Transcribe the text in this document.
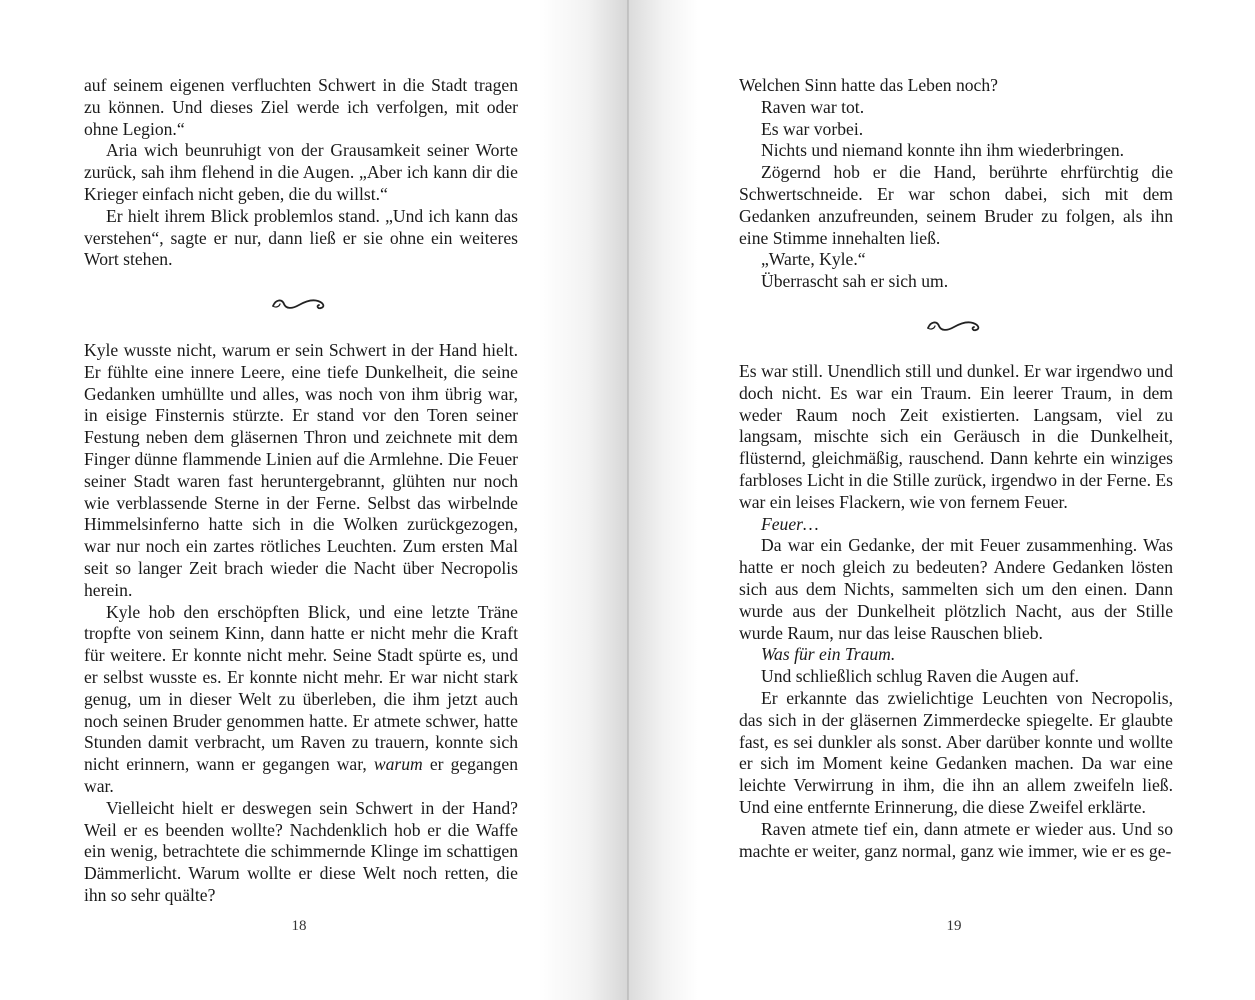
auf seinem eigenen verfluchten Schwert in die Stadt tragen zu können. Und dieses Ziel werde ich verfolgen, mit oder ohne Legion.“

Aria wich beunruhigt von der Grausamkeit seiner Worte zurück, sah ihm flehend in die Augen. „Aber ich kann dir die Krieger einfach nicht geben, die du willst.“

Er hielt ihrem Blick problemlos stand. „Und ich kann das verstehen“, sagte er nur, dann ließ er sie ohne ein weiteres Wort stehen.

Kyle wusste nicht, warum er sein Schwert in der Hand hielt. Er fühlte eine innere Leere, eine tiefe Dunkelheit, die seine Gedanken umhüllte und alles, was noch von ihm übrig war, in eisige Finsternis stürzte. Er stand vor den Toren seiner Festung neben dem gläsernen Thron und zeichnete mit dem Finger dünne flammende Linien auf die Armlehne. Die Feuer seiner Stadt waren fast heruntergebrannt, glühten nur noch wie verblassende Sterne in der Ferne. Selbst das wirbelnde Himmelsinferno hatte sich in die Wolken zurückgezogen, war nur noch ein zartes rötliches Leuchten. Zum ersten Mal seit so langer Zeit brach wieder die Nacht über Necropolis herein.

Kyle hob den erschöpften Blick, und eine letzte Träne tropfte von seinem Kinn, dann hatte er nicht mehr die Kraft für weitere. Er konnte nicht mehr. Seine Stadt spürte es, und er selbst wusste es. Er konnte nicht mehr. Er war nicht stark genug, um in dieser Welt zu überleben, die ihm jetzt auch noch seinen Bruder genommen hatte. Er atmete schwer, hatte Stunden damit verbracht, um Raven zu trauern, konnte sich nicht erinnern, wann er gegangen war, warum er gegangen war.

Vielleicht hielt er deswegen sein Schwert in der Hand? Weil er es beenden wollte? Nachdenklich hob er die Waffe ein wenig, betrachtete die schimmernde Klinge im schattigen Dämmerlicht. Warum wollte er diese Welt noch retten, die ihn so sehr quälte?

18

Welchen Sinn hatte das Leben noch?

Raven war tot.

Es war vorbei.

Nichts und niemand konnte ihn ihm wiederbringen.

Zögernd hob er die Hand, berührte ehrfürchtig die Schwertschneide. Er war schon dabei, sich mit dem Gedanken anzufreunden, seinem Bruder zu folgen, als ihn eine Stimme innehalten ließ.

„Warte, Kyle.“

Überrascht sah er sich um.

Es war still. Unendlich still und dunkel. Er war irgendwo und doch nicht. Es war ein Traum. Ein leerer Traum, in dem weder Raum noch Zeit existierten. Langsam, viel zu langsam, mischte sich ein Geräusch in die Dunkelheit, flüsternd, gleichmäßig, rauschend. Dann kehrte ein winziges farbloses Licht in die Stille zurück, irgendwo in der Ferne. Es war ein leises Flackern, wie von fernem Feuer.

Feuer…

Da war ein Gedanke, der mit Feuer zusammenhing. Was hatte er noch gleich zu bedeuten? Andere Gedanken lösten sich aus dem Nichts, sammelten sich um den einen. Dann wurde aus der Dunkelheit plötzlich Nacht, aus der Stille wurde Raum, nur das leise Rauschen blieb.

Was für ein Traum.

Und schließlich schlug Raven die Augen auf.

Er erkannte das zwielichtige Leuchten von Necropolis, das sich in der gläsernen Zimmerdecke spiegelte. Er glaubte fast, es sei dunkler als sonst. Aber darüber konnte und wollte er sich im Moment keine Gedanken machen. Da war eine leichte Verwirrung in ihm, die ihn an allem zweifeln ließ. Und eine entfernte Erinnerung, die diese Zweifel erklärte.

Raven atmete tief ein, dann atmete er wieder aus. Und so machte er weiter, ganz normal, ganz wie immer, wie er es ge-

19
